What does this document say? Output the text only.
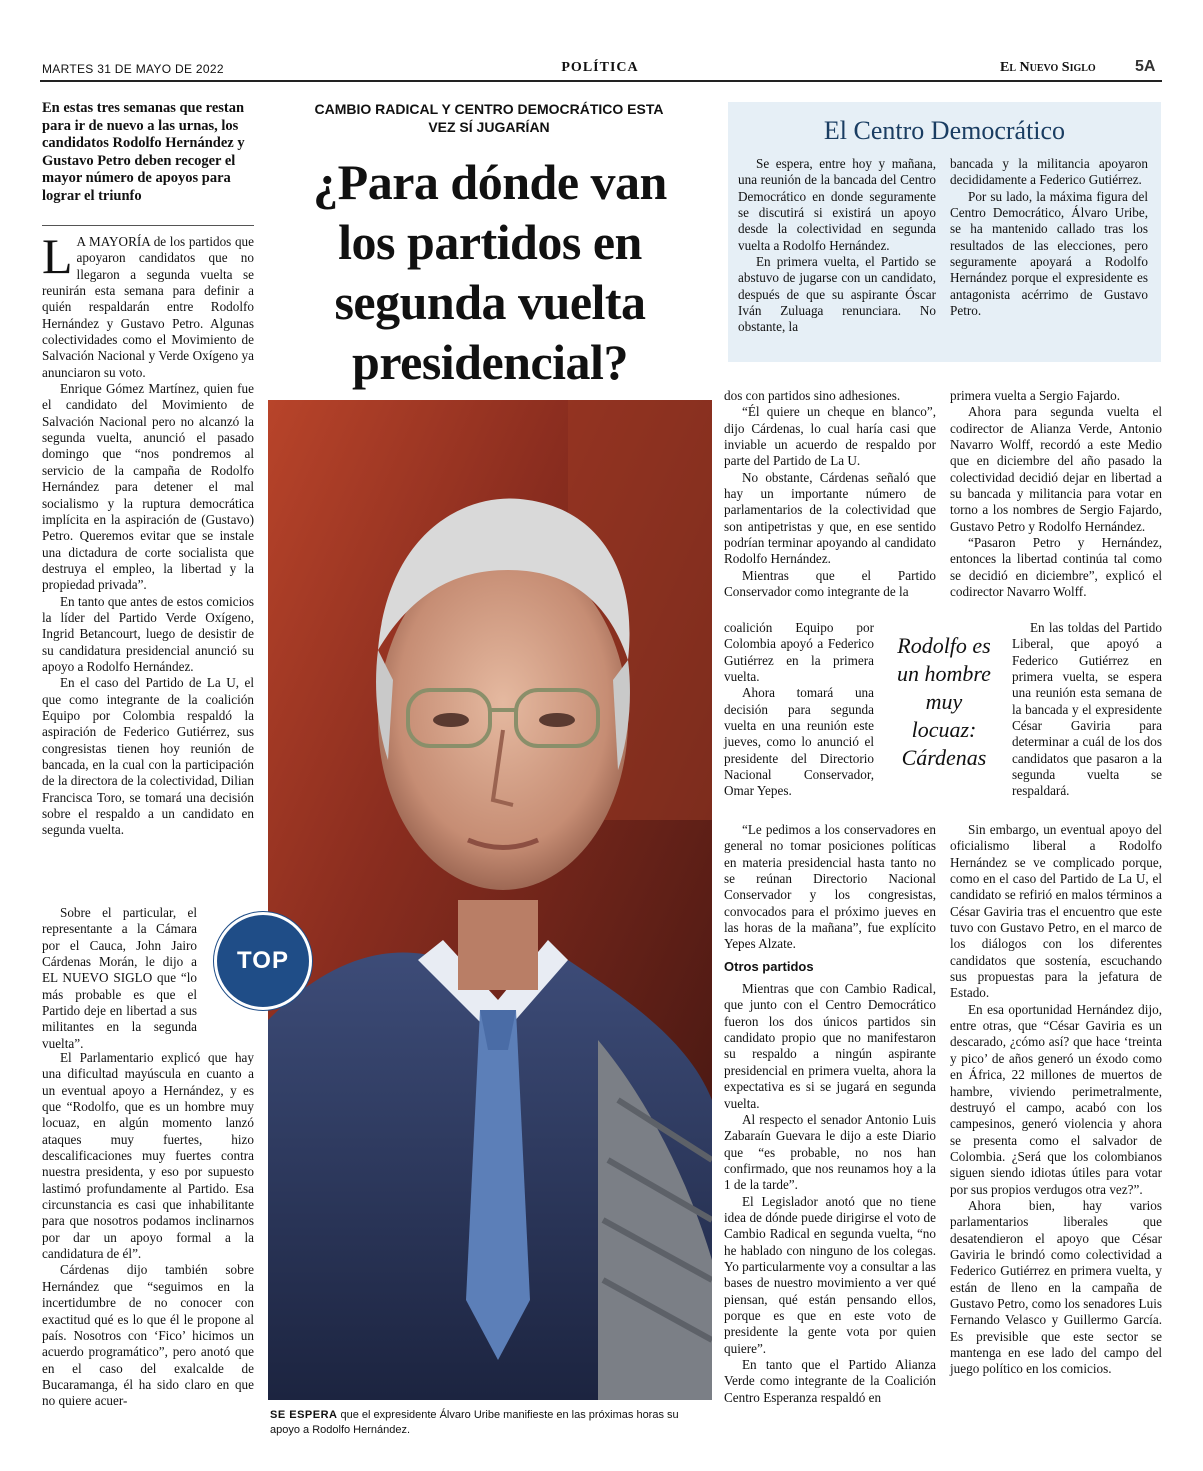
MARTES 31 DE MAYO DE 2022	POLÍTICA	El Nuevo Siglo 5A
En estas tres semanas que restan para ir de nuevo a las urnas, los candidatos Rodolfo Hernández y Gustavo Petro deben recoger el mayor número de apoyos para lograr el triunfo

L A MAYORÍA de los partidos que apoyaron candidatos que no llegaron a segunda vuelta se reunirán esta semana para definir a quién respaldarán entre Rodolfo Hernández y Gustavo Petro. Algunas colectividades como el Movimiento de Salvación Nacional y Verde Oxígeno ya anunciaron su voto.

Enrique Gómez Martínez, quien fue el candidato del Movimiento de Salvación Nacional pero no alcanzó la segunda vuelta, anunció el pasado domingo que “nos pondremos al servicio de la campaña de Rodolfo Hernández para detener el mal socialismo y la ruptura democrática implícita en la aspiración de (Gustavo) Petro. Queremos evitar que se instale una dictadura de corte socialista que destruya el empleo, la libertad y la propiedad privada”.

En tanto que antes de estos comicios la líder del Partido Verde Oxígeno, Ingrid Betancourt, luego de desistir de su candidatura presidencial anunció su apoyo a Rodolfo Hernández.

En el caso del Partido de La U, el que como integrante de la coalición Equipo por Colombia respaldó la aspiración de Federico Gutiérrez, sus congresistas tienen hoy reunión de bancada, en la cual con la participación de la directora de la colectividad, Dilian Francisca Toro, se tomará una decisión sobre el respaldo a un candidato en segunda vuelta.

Sobre el particular, el representante a la Cámara por el Cauca, John Jairo Cárdenas Morán, le dijo a EL NUEVO SIGLO que “lo más probable es que el Partido deje en libertad a sus militantes en la segunda vuelta”.

El Parlamentario explicó que hay una dificultad mayúscula en cuanto a un eventual apoyo a Hernández, y es que “Rodolfo, que es un hombre muy locuaz, en algún momento lanzó ataques muy fuertes, hizo descalificaciones muy fuertes contra nuestra presidenta, y eso por supuesto lastimó profundamente al Partido. Esa circunstancia es casi que inhabilitante para que nosotros podamos inclinarnos por dar un apoyo formal a la candidatura de él”.

Cárdenas dijo también sobre Hernández que “seguimos en la incertidumbre de no conocer con exactitud qué es lo que él le propone al país. Nosotros con ‘Fico’ hicimos un acuerdo programático”, pero anotó que en el caso del exalcalde de Bucaramanga, él ha sido claro en que no quiere acuer-

CAMBIO RADICAL Y CENTRO DEMOCRÁTICO ESTA VEZ SÍ JUGARÍAN
¿Para dónde van los partidos en segunda vuelta presidencial?
SE ESPERA que el expresidente Álvaro Uribe manifieste en las próximas horas su apoyo a Rodolfo Hernández.
TOP
El Centro Democrático

Se espera, entre hoy y mañana, una reunión de la bancada del Centro Democrático en donde seguramente se discutirá si existirá un apoyo desde la colectividad en segunda vuelta a Rodolfo Hernández.

En primera vuelta, el Partido se abstuvo de jugarse con un candidato, después de que su aspirante Óscar Iván Zuluaga renunciara. No obstante, la

bancada y la militancia apoyaron decididamente a Federico Gutiérrez.

Por su lado, la máxima figura del Centro Democrático, Álvaro Uribe, se ha mantenido callado tras los resultados de las elecciones, pero seguramente apoyará a Rodolfo Hernández porque el expresidente es antagonista acérrimo de Gustavo Petro.

dos con partidos sino adhesiones.

“Él quiere un cheque en blanco”, dijo Cárdenas, lo cual haría casi que inviable un acuerdo de respaldo por parte del Partido de La U.

No obstante, Cárdenas señaló que hay un importante número de parlamentarios de la colectividad que son antipetristas y que, en ese sentido podrían terminar apoyando al candidato Rodolfo Hernández.

Mientras que el Partido Conservador como integrante de la

coalición Equipo por Colombia apoyó a Federico Gutiérrez en la primera vuelta.

Ahora tomará una decisión para segunda vuelta en una reunión este jueves, como lo anunció el presidente del Directorio Nacional Conservador, Omar Yepes.

“Le pedimos a los conservadores en general no tomar posiciones políticas en materia presidencial hasta tanto no se reúnan Directorio Nacional Conservador y los congresistas, convocados para el próximo jueves en las horas de la mañana”, fue explícito Yepes Alzate.

Otros partidos

Mientras que con Cambio Radical, que junto con el Centro Democrático fueron los dos únicos partidos sin candidato propio que no manifestaron su respaldo a ningún aspirante presidencial en primera vuelta, ahora la expectativa es si se jugará en segunda vuelta.

Al respecto el senador Antonio Luis Zabaraín Guevara le dijo a este Diario que “es probable, no nos han confirmado, que nos reunamos hoy a la 1 de la tarde”.

El Legislador anotó que no tiene idea de dónde puede dirigirse el voto de Cambio Radical en segunda vuelta, “no he hablado con ninguno de los colegas. Yo particularmente voy a consultar a las bases de nuestro movimiento a ver qué piensan, qué están pensando ellos, porque es que en este voto de presidente la gente vota por quien quiere”.

En tanto que el Partido Alianza Verde como integrante de la Coalición Centro Esperanza respaldó en

Rodolfo es un hombre muy locuaz: Cárdenas

primera vuelta a Sergio Fajardo.

Ahora para segunda vuelta el codirector de Alianza Verde, Antonio Navarro Wolff, recordó a este Medio que en diciembre del año pasado la colectividad decidió dejar en libertad a su bancada y militancia para votar en torno a los nombres de Sergio Fajardo, Gustavo Petro y Rodolfo Hernández.

“Pasaron Petro y Hernández, entonces la libertad continúa tal como se decidió en diciembre”, explicó el codirector Navarro Wolff.

En las toldas del Partido Liberal, que apoyó a Federico Gutiérrez en primera vuelta, se espera una reunión esta semana de la bancada y el expresidente César Gaviria para determinar a cuál de los dos candidatos que pasaron a la segunda vuelta se respaldará.

Sin embargo, un eventual apoyo del oficialismo liberal a Rodolfo Hernández se ve complicado porque, como en el caso del Partido de La U, el candidato se refirió en malos términos a César Gaviria tras el encuentro que este tuvo con Gustavo Petro, en el marco de los diálogos con los diferentes candidatos que sostenía, escuchando sus propuestas para la jefatura de Estado.

En esa oportunidad Hernández dijo, entre otras, que “César Gaviria es un descarado, ¿cómo así? que hace ‘treinta y pico’ de años generó un éxodo como en África, 22 millones de muertos de hambre, viviendo perimetralmente, destruyó el campo, acabó con los campesinos, generó violencia y ahora se presenta como el salvador de Colombia. ¿Será que los colombianos siguen siendo idiotas útiles para votar por sus propios verdugos otra vez?”.

Ahora bien, hay varios parlamentarios liberales que desatendieron el apoyo que César Gaviria le brindó como colectividad a Federico Gutiérrez en primera vuelta, y están de lleno en la campaña de Gustavo Petro, como los senadores Luis Fernando Velasco y Guillermo García. Es previsible que este sector se mantenga en ese lado del campo del juego político en los comicios.
